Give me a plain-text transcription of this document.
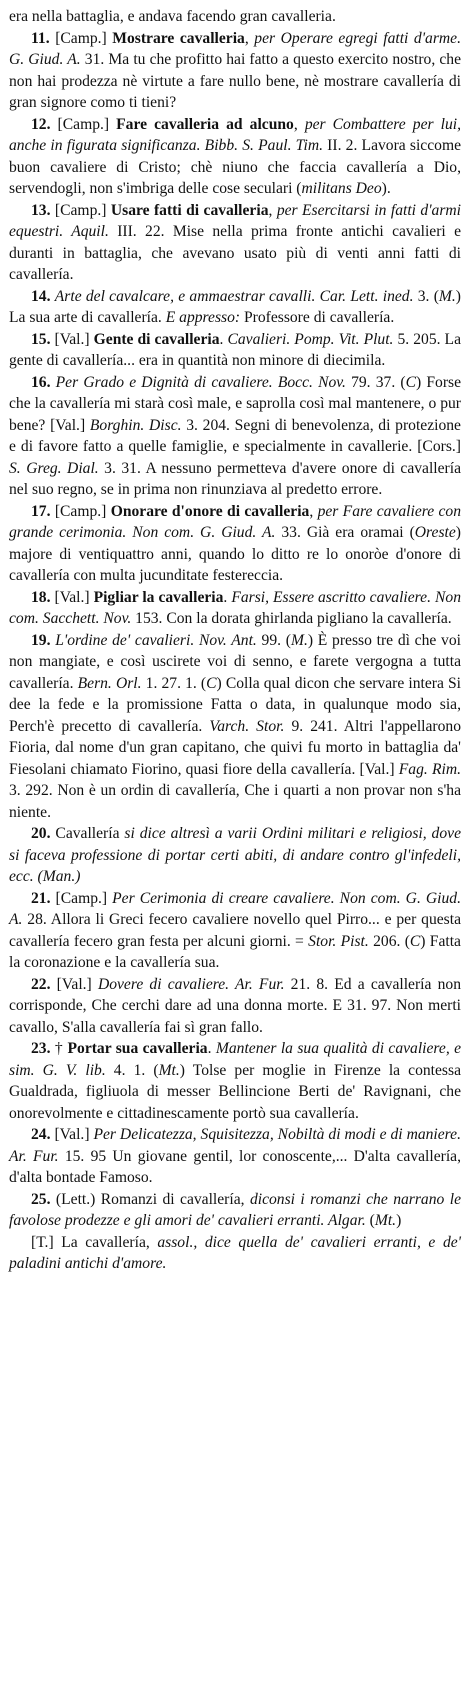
era nella battaglia, e andava facendo gran cavalleria.

11. [Camp.] Mostrare cavalleria, per Operare egregi fatti d'arme. G. Giud. A. 31. Ma tu che profitto hai fatto a questo exercito nostro, che non hai prodezza nè virtute a fare nullo bene, nè mostrare cavallería di gran signore como ti tieni?

12. [Camp.] Fare cavalleria ad alcuno, per Combattere per lui, anche in figurata significanza. Bibb. S. Paul. Tim. II. 2. Lavora siccome buon cavaliere di Cristo; chè niuno che faccia cavallería a Dio, servendogli, non s'imbriga delle cose seculari (militans Deo).

13. [Camp.] Usare fatti di cavalleria, per Esercitarsi in fatti d'armi equestri. Aquil. III. 22. Mise nella prima fronte antichi cavalieri e duranti in battaglia, che avevano usato più di venti anni fatti di cavallería.

14. Arte del cavalcare, e ammaestrar cavalli. Car. Lett. ined. 3. (M.) La sua arte di cavallería. E appresso: Professore di cavallería.

15. [Val.] Gente di cavalleria. Cavalieri. Pomp. Vit. Plut. 5. 205. La gente di cavallería... era in quantità non minore di diecimila.

16. Per Grado e Dignità di cavaliere. Bocc. Nov. 79. 37. (C) Forse che la cavallería mi starà così male, e saprolla così mal mantenere, o pur bene? [Val.] Borghin. Disc. 3. 204. Segni di benevolenza, di protezione e di favore fatto a quelle famiglie, e specialmente in cavallerie. [Cors.] S. Greg. Dial. 3. 31. A nessuno permetteva d'avere onore di cavallería nel suo regno, se in prima non rinunziava al predetto errore.

17. [Camp.] Onorare d'onore di cavalleria, per Fare cavaliere con grande cerimonia. Non com. G. Giud. A. 33. Già era oramai (Oreste) majore di ventiquattro anni, quando lo ditto re lo onoròe d'onore di cavallería con multa jucunditate festereccia.

18. [Val.] Pigliar la cavalleria. Farsi, Essere ascritto cavaliere. Non com. Sacchett. Nov. 153. Con la dorata ghirlanda pigliano la cavallería.

19. L'ordine de' cavalieri. Nov. Ant. 99. (M.) È presso tre dì che voi non mangiate, e così uscirete voi di senno, e farete vergogna a tutta cavallería. Bern. Orl. 1. 27. 1. (C) Colla qual dicon che servare intera Si dee la fede e la promissione Fatta o data, in qualunque modo sia, Perch'è precetto di cavallería. Varch. Stor. 9. 241. Altri l'appellarono Fioria, dal nome d'un gran capitano, che quivi fu morto in battaglia da' Fiesolani chiamato Fiorino, quasi fiore della cavallería. [Val.] Fag. Rim. 3. 292. Non è un ordin di cavallería, Che i quarti a non provar non s'ha niente.

20. Cavallería si dice altresì a varii Ordini militari e religiosi, dove si faceva professione di portar certi abiti, di andare contro gl'infedeli, ecc. (Man.)

21. [Camp.] Per Cerimonia di creare cavaliere. Non com. G. Giud. A. 28. Allora li Greci fecero cavaliere novello quel Pirro... e per questa cavallería fecero gran festa per alcuni giorni. = Stor. Pist. 206. (C) Fatta la coronazione e la cavallería sua.

22. [Val.] Dovere di cavaliere. Ar. Fur. 21. 8. Ed a cavallería non corrisponde, Che cerchi dare ad una donna morte. E 31. 97. Non merti cavallo, S'alla cavallería fai sì gran fallo.

23. † Portar sua cavalleria. Mantener la sua qualità di cavaliere, e sim. G. V. lib. 4. 1. (Mt.) Tolse per moglie in Firenze la contessa Gualdrada, figliuola di messer Bellincione Berti de' Ravignani, che onorevolmente e cittadinescamente portò sua cavallería.

24. [Val.] Per Delicatezza, Squisitezza, Nobiltà di modi e di maniere. Ar. Fur. 15. 95 Un giovane gentil, lor conoscente,... D'alta cavallería, d'alta bontade Famoso.

25. (Lett.) Romanzi di cavallería, diconsi i romanzi che narrano le favolose prodezze e gli amori de' cavalieri erranti. Algar. (Mt.)

[T.] La cavallería, assol., dice quella de' cavalieri erranti, e de' paladini antichi d'amore.
